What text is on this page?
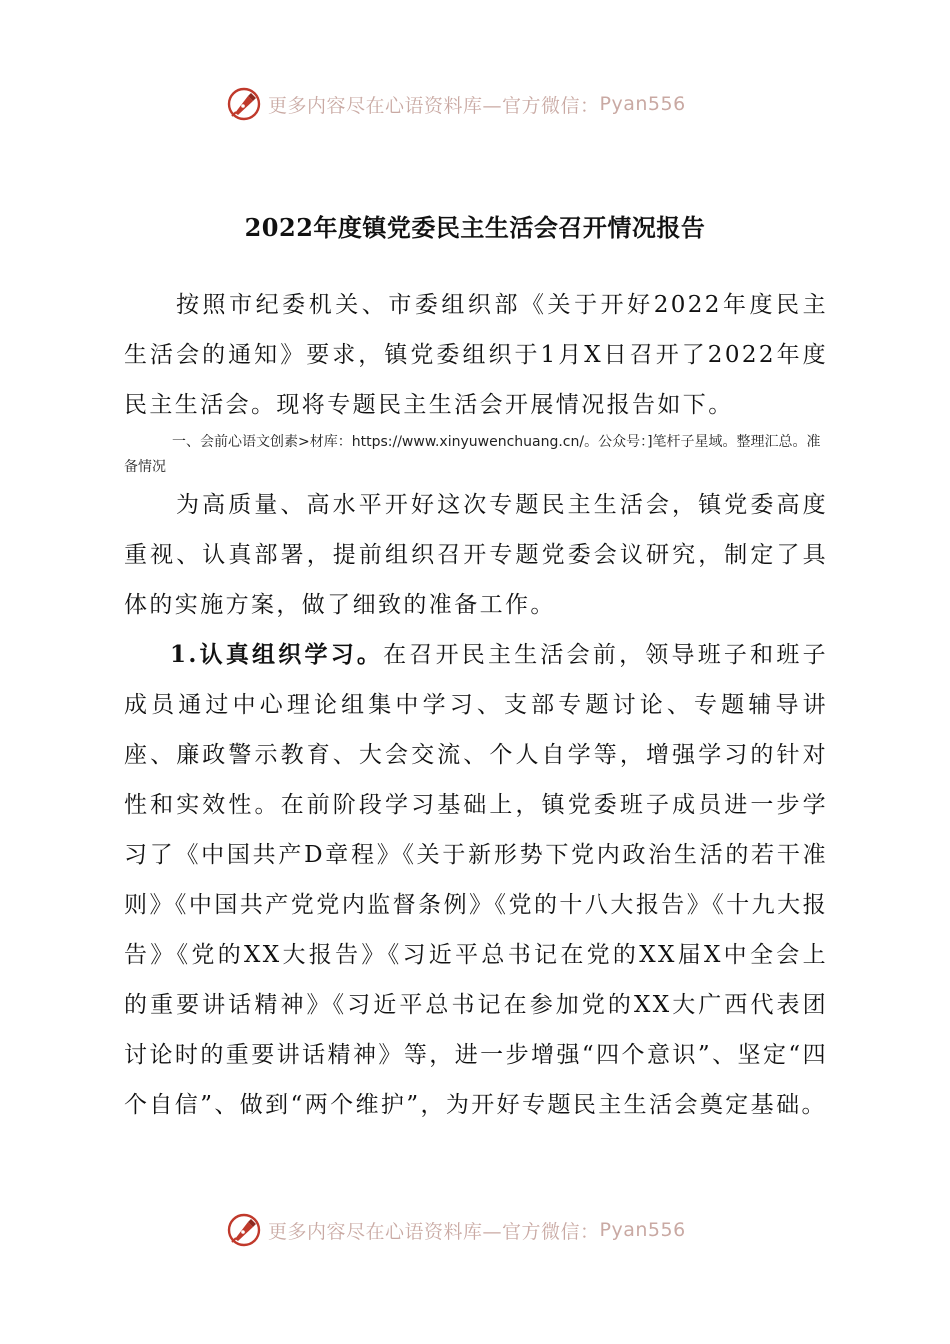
更多内容尽在心语资料库—官方微信： Pyan556
2022年度镇党委民主生活会召开情况报告

按照市纪委机关、市委组织部《关于开好2022年度民主生活会的通知》要求，镇党委组织于1月X日召开了2022年度民主生活会。现将专题民主生活会开展情况报告如下。

一、会前心语文创素>材库：https://www.xinyuwenchuang.cn/。公众号：]笔杆子星域。整理汇总。准备情况

为高质量、高水平开好这次专题民主生活会，镇党委高度重视、认真部署，提前组织召开专题党委会议研究，制定了具体的实施方案，做了细致的准备工作。

1.认真组织学习。在召开民主生活会前，领导班子和班子成员通过中心理论组集中学习、支部专题讨论、专题辅导讲座、廉政警示教育、大会交流、个人自学等，增强学习的针对性和实效性。在前阶段学习基础上，镇党委班子成员进一步学习了《中国共产D章程》《关于新形势下党内政治生活的若干准则》《中国共产党党内监督条例》《党的十八大报告》《十九大报告》《党的XX大报告》《习近平总书记在党的XX届X中全会上的重要讲话精神》《习近平总书记在参加党的XX大广西代表团讨论时的重要讲话精神》等，进一步增强“四个意识”、坚定“四个自信”、做到“两个维护”，为开好专题民主生活会奠定基础。

更多内容尽在心语资料库—官方微信： Pyan556
